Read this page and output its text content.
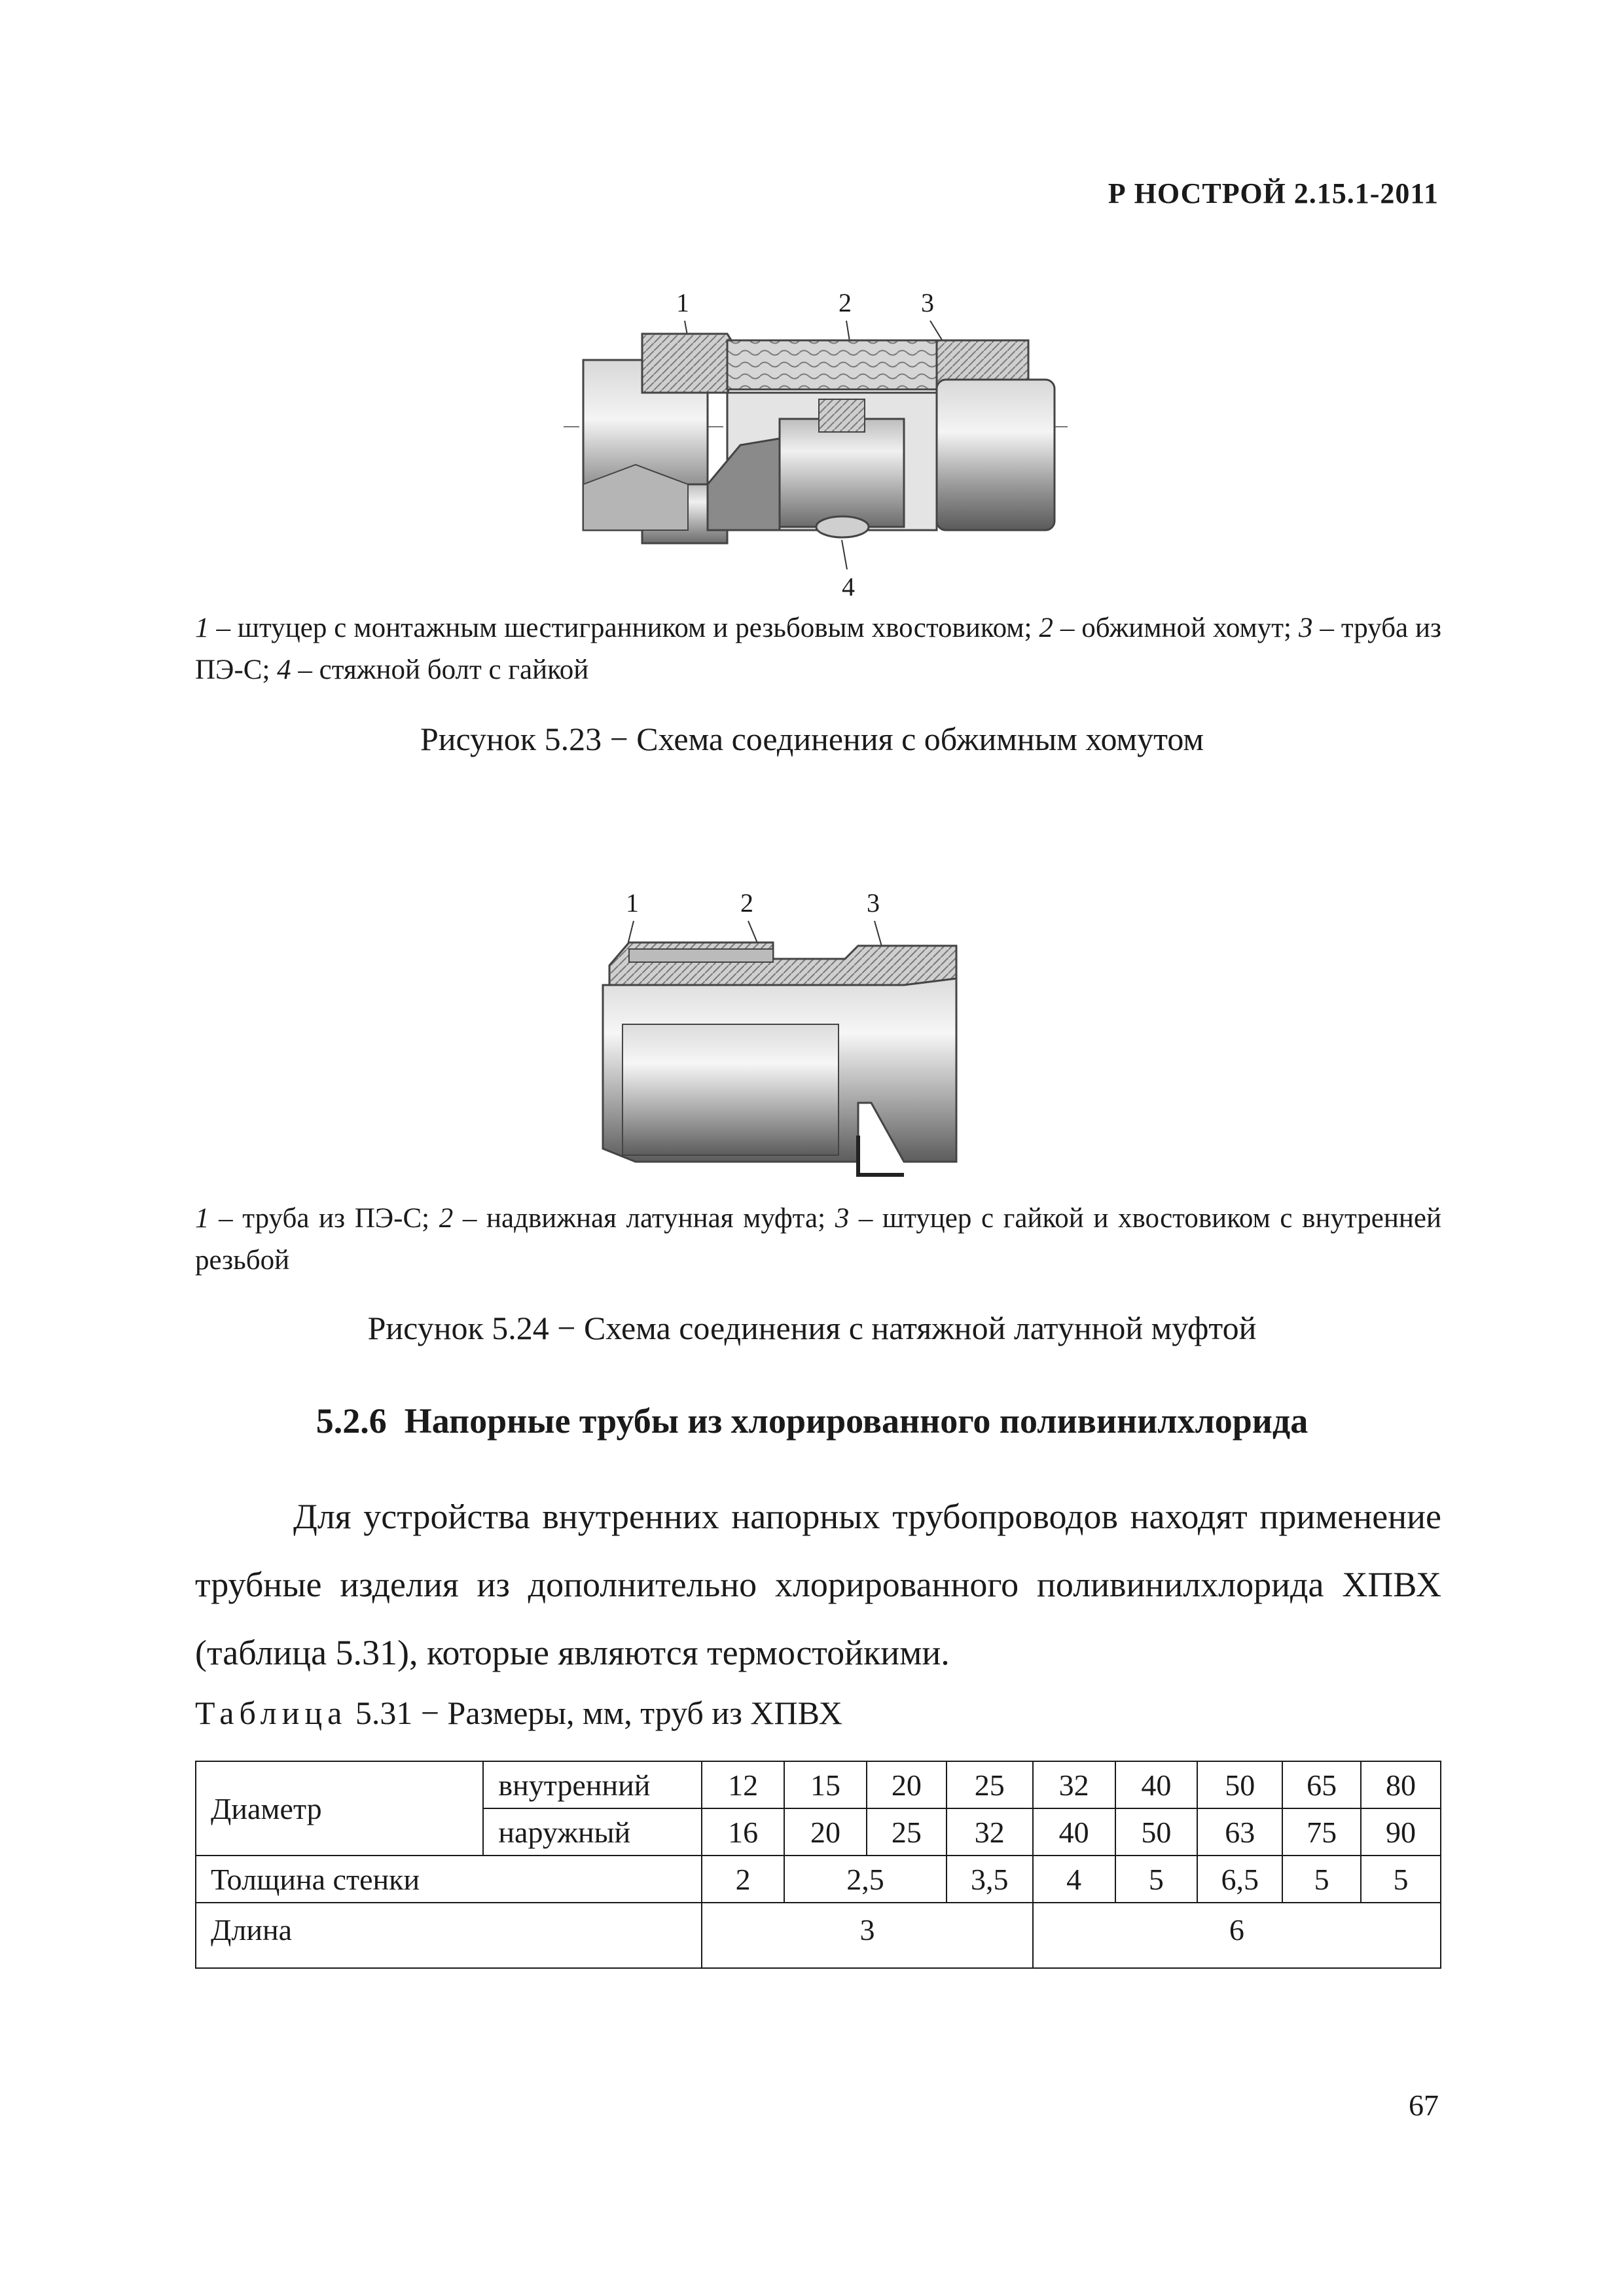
Р НОСТРОЙ 2.15.1-2011
1	2	3
4
1 – штуцер с монтажным шестигранником и резьбовым хвостовиком; 2 – обжимной хомут; 3 – труба из ПЭ-С; 4 – стяжной болт с гайкой
Рисунок 5.23 − Схема соединения с обжимным хомутом
1	2	3
1 – труба из ПЭ-С; 2 – надвижная латунная муфта; 3 – штуцер с гайкой и хвостовиком с внутренней резьбой
Рисунок 5.24 − Схема соединения с натяжной латунной муфтой
5.2.6 Напорные трубы из хлорированного поливинилхлорида
Для устройства внутренних напорных трубопроводов находят применение трубные изделия из дополнительно хлорированного поливинилхлорида ХПВХ (таблица 5.31), которые являются термостойкими.
Таблица 5.31 − Размеры, мм, труб из ХПВХ
Диаметр	внутренний	12	15	20	25	32	40	50	65	80
	наружный	16	20	25	32	40	50	63	75	90
Толщина стенки		2	2,5		3,5	4	5	6,5	5	5
Длина		3				6				
67
